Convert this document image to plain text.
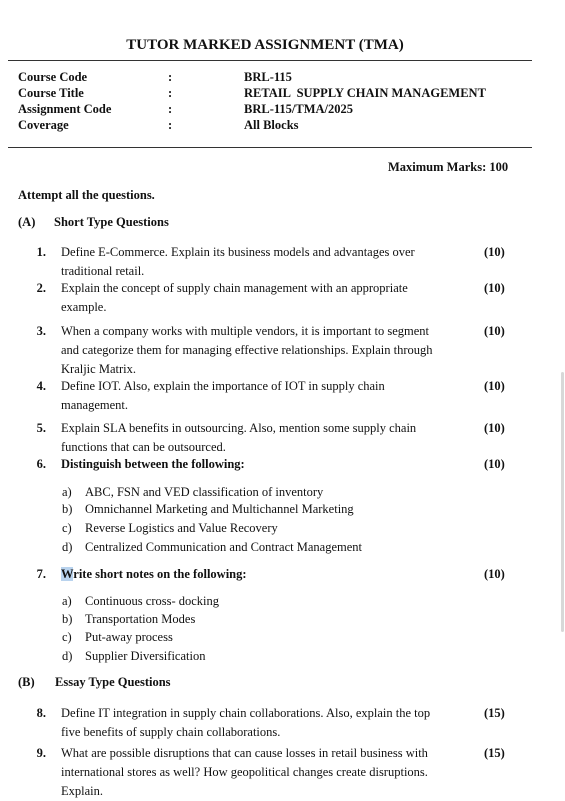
TUTOR MARKED ASSIGNMENT (TMA)
Course Code
Course Title
Assignment Code
Coverage
:
:
:
:
BRL-115
RETAIL  SUPPLY CHAIN MANAGEMENT
BRL-115/TMA/2025
All Blocks
Maximum Marks: 100
Attempt all the questions.
(A) Short Type Questions
1. Define E-Commerce. Explain its business models and advantages over
traditional retail.
(10)
2. Explain the concept of supply chain management with an appropriate
example.
(10)
3. When a company works with multiple vendors, it is important to segment
and categorize them for managing effective relationships. Explain through
Kraljic Matrix.
(10)
4. Define IOT. Also, explain the importance of IOT in supply chain
management.
(10)
5. Explain SLA benefits in outsourcing. Also, mention some supply chain
functions that can be outsourced.
(10)
6. Distinguish between the following:	(10)
a) ABC, FSN and VED classification of inventory
b) Omnichannel Marketing and Multichannel Marketing
c) Reverse Logistics and Value Recovery
d) Centralized Communication and Contract Management
7. Write short notes on the following:	(10)
a) Continuous cross- docking
b) Transportation Modes
c) Put-away process
d) Supplier Diversification
(B) Essay Type Questions
8. Define IT integration in supply chain collaborations. Also, explain the top
five benefits of supply chain collaborations.
(15)
9. What are possible disruptions that can cause losses in retail business with
international stores as well? How geopolitical changes create disruptions.
Explain.
(15)
